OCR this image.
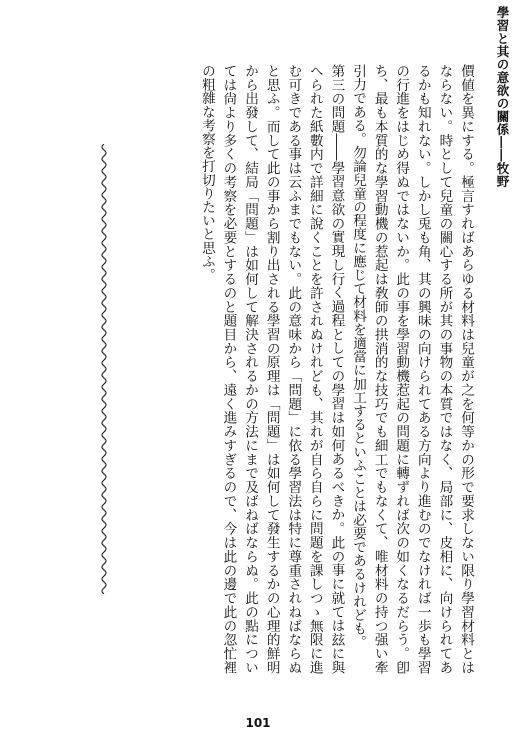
學習と其の意欲の關係――牧野

價値を異にする。極言すればあらゆる材料は兒童が之を何等かの形で要求しない限り學習材料とはならない。時として兒童の關心する所が其の事物の本質ではなく、局部に、皮相に、向けられてあるかも知れない。しかし兎も角、其の興味の向けられてある方向より進むのでなければ一歩も學習の行進をはじめ得ぬではないか。此の事を學習動機惹起の問題に轉ずれば次の如くなるだらう。卽ち、最も本質的な學習動機の惹起は敎師の拱消的な技巧でも細工でもなくて、唯材料の持つ强い牽引力である。勿論兒童の程度に應じて材料を適當に加工するといふことは必要であるけれども。

第三の問題――學習意欲の實現し行く過程としての學習は如何あるべきか。此の事に就ては玆に與へられた紙數内で詳細に說くことを許されぬけれども、其れが自ら自らに問題を課しつゝ無限に進む可きである事は云ふまでもない。此の意味から「問題」に依る學習法は特に尊重されねばならぬと思ふ。而して此の事から割り出される學習の原理は「問題」は如何して發生するかの心理的鮮明から出發して、結局「問題」は如何して解決されるかの方法にまで及ばねばならぬ。此の點については尙より多くの考察を必要とするのと題目から、遠く進みすぎるので、今は此の邊で此の忽忙裡の粗雜な考察を打切りたいと思ふ。

101
